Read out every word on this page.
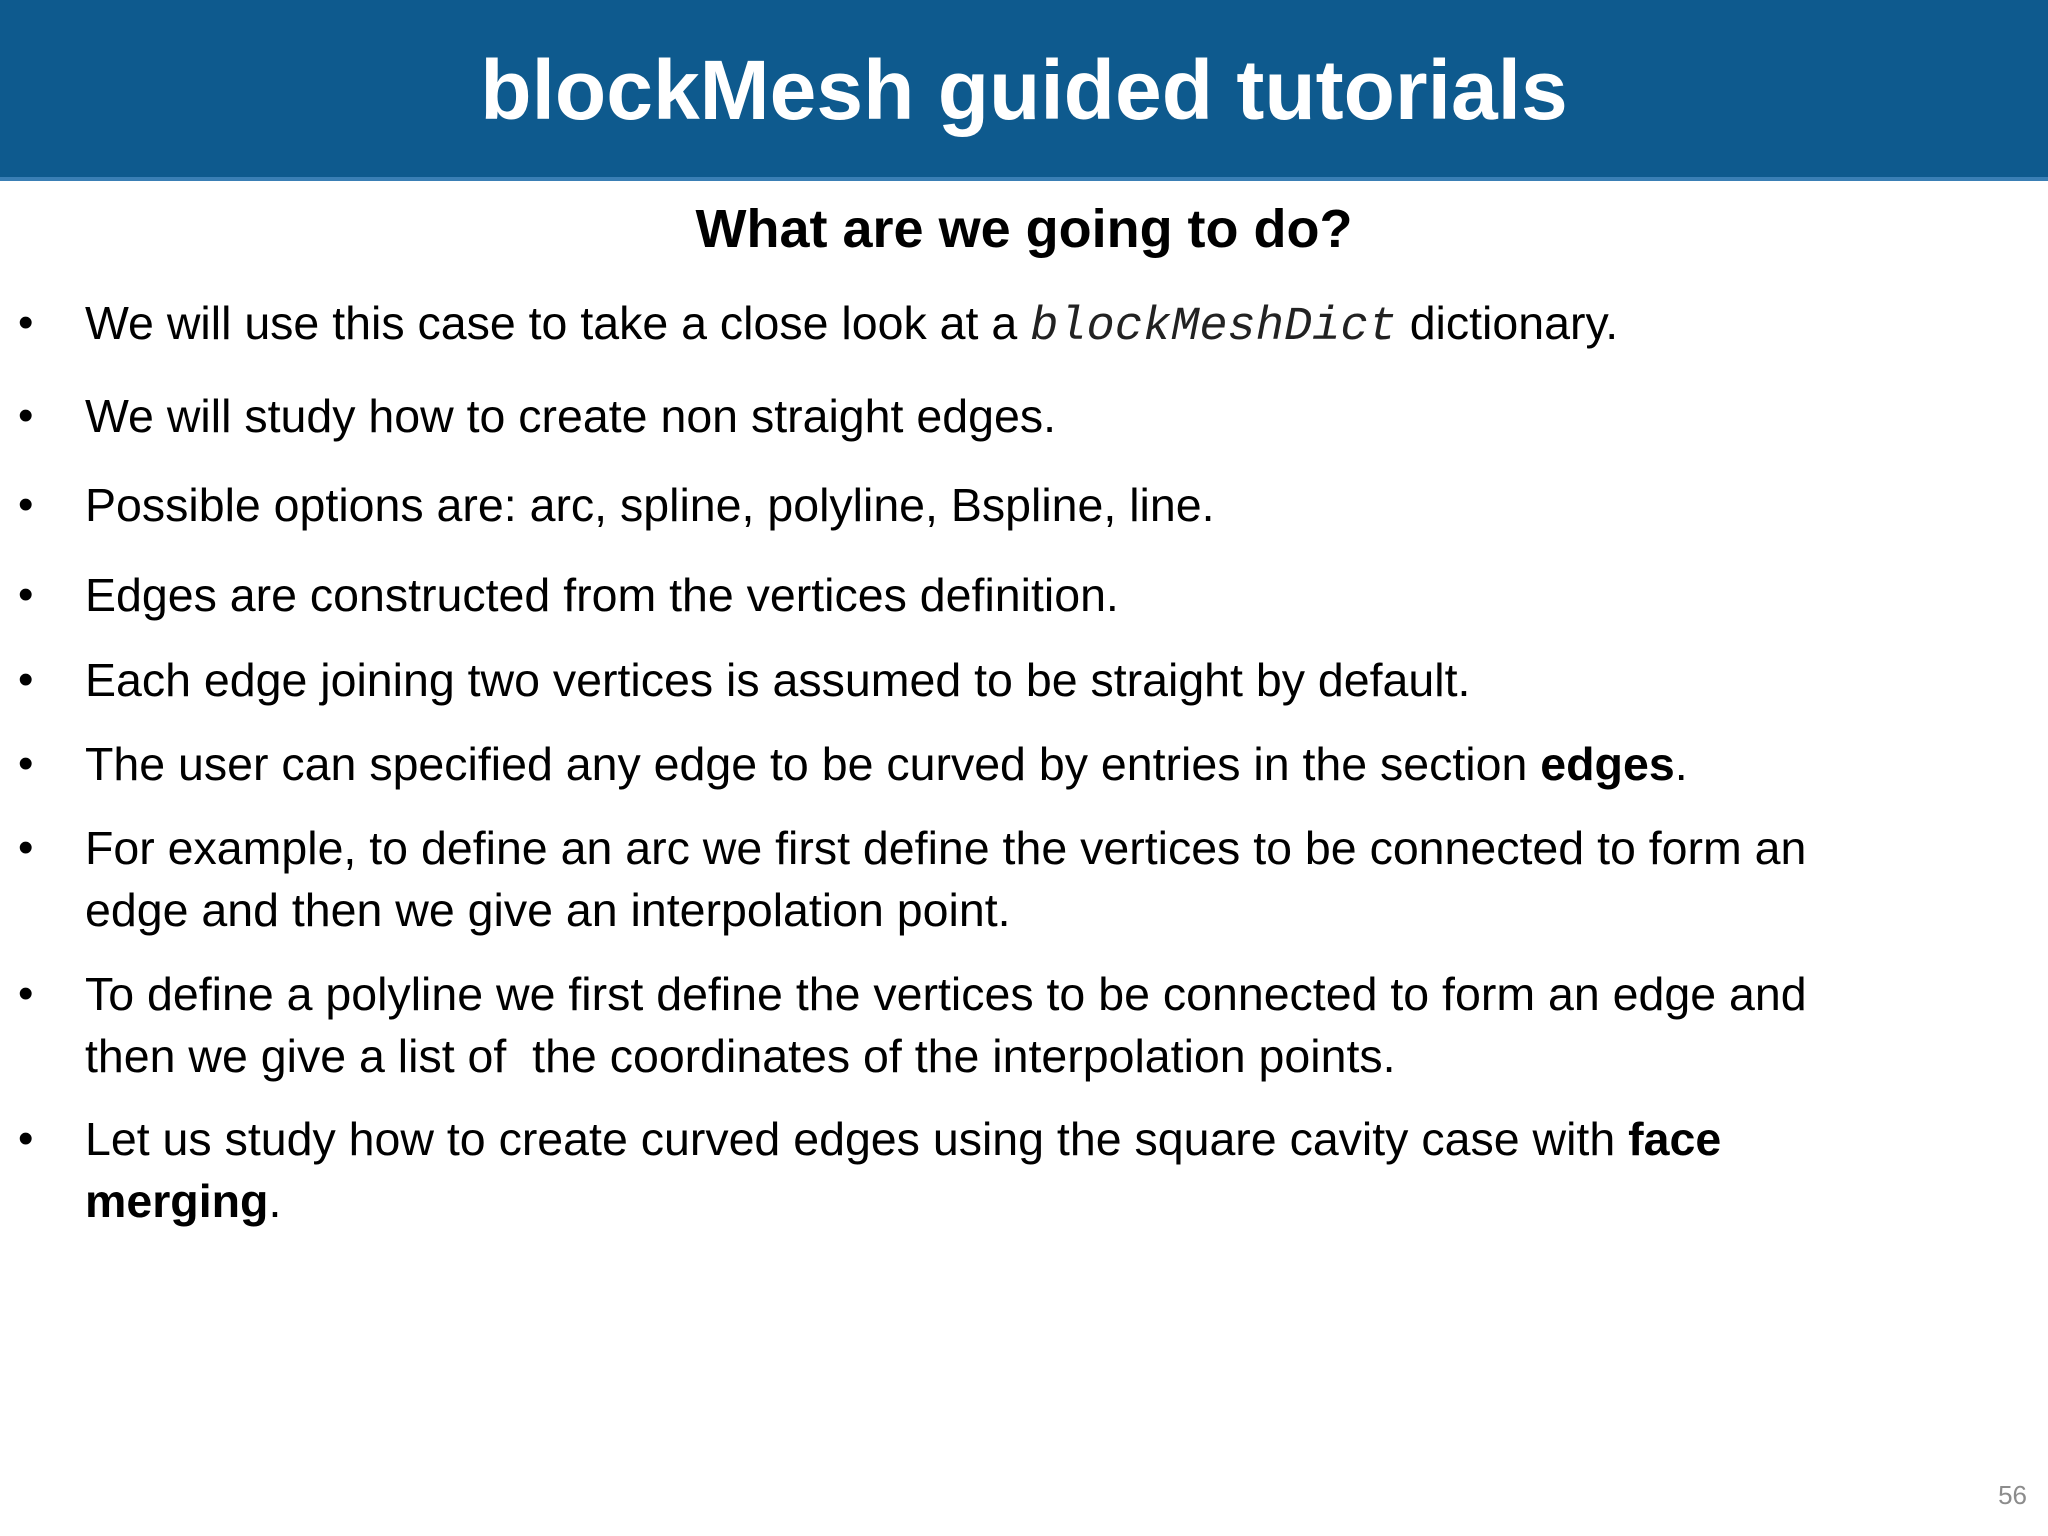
blockMesh guided tutorials
What are we going to do?
• We will use this case to take a close look at a blockMeshDict dictionary.
• We will study how to create non straight edges.
• Possible options are: arc, spline, polyline, Bspline, line.
• Edges are constructed from the vertices definition.
• Each edge joining two vertices is assumed to be straight by default.
• The user can specified any edge to be curved by entries in the section edges.
• For example, to define an arc we first define the vertices to be connected to form an
edge and then we give an interpolation point.
• To define a polyline we first define the vertices to be connected to form an edge and
then we give a list of  the coordinates of the interpolation points.
• Let us study how to create curved edges using the square cavity case with face
merging.
56
